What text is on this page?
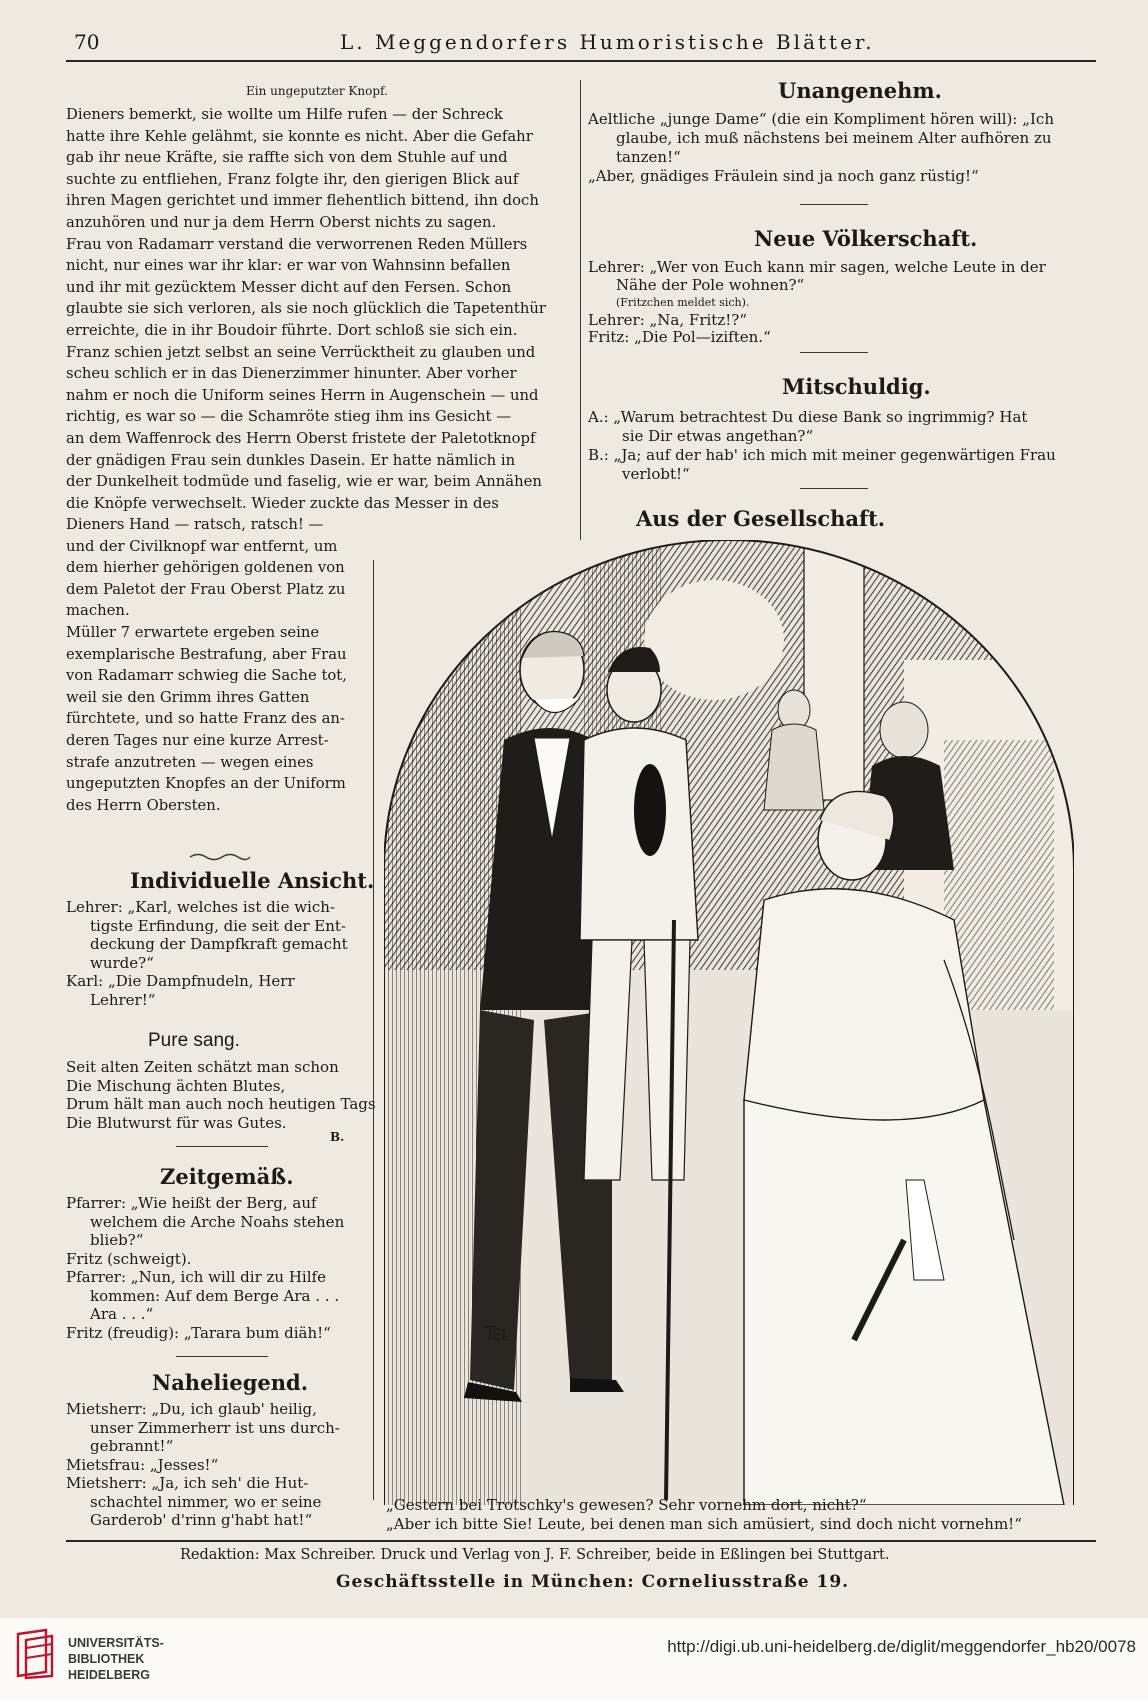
70	L. Meggendorfers Humoristische Blätter.
Ein ungeputzter Knopf.
Dieners bemerkt, sie wollte um Hilfe rufen — der Schreck
hatte ihre Kehle gelähmt, sie konnte es nicht. Aber die Gefahr
gab ihr neue Kräfte, sie raffte sich von dem Stuhle auf und
suchte zu entfliehen, Franz folgte ihr, den gierigen Blick auf
ihren Magen gerichtet und immer flehentlich bittend, ihn doch
anzuhören und nur ja dem Herrn Oberst nichts zu sagen.
Frau von Radamarr verstand die verworrenen Reden Müllers
nicht, nur eines war ihr klar: er war von Wahnsinn befallen
und ihr mit gezücktem Messer dicht auf den Fersen. Schon
glaubte sie sich verloren, als sie noch glücklich die Tapetenthür
erreichte, die in ihr Boudoir führte. Dort schloß sie sich ein.
Franz schien jetzt selbst an seine Verrücktheit zu glauben und
scheu schlich er in das Dienerzimmer hinunter. Aber vorher
nahm er noch die Uniform seines Herrn in Augenschein — und
richtig, es war so — die Schamröte stieg ihm ins Gesicht —
an dem Waffenrock des Herrn Oberst fristete der Paletotknopf
der gnädigen Frau sein dunkles Dasein. Er hatte nämlich in
der Dunkelheit todmüde und faselig, wie er war, beim Annähen
die Knöpfe verwechselt. Wieder zuckte das Messer in des
Dieners Hand — ratsch, ratsch! —
und der Civilknopf war entfernt, um
dem hierher gehörigen goldenen von
dem Paletot der Frau Oberst Platz zu
machen.
Müller 7 erwartete ergeben seine
exemplarische Bestrafung, aber Frau
von Radamarr schwieg die Sache tot,
weil sie den Grimm ihres Gatten
fürchtete, und so hatte Franz des an-
deren Tages nur eine kurze Arrest-
strafe anzutreten — wegen eines
ungeputzten Knopfes an der Uniform
des Herrn Obersten.
Individuelle Ansicht.
Lehrer: „Karl, welches ist die wich-
tigste Erfindung, die seit der Ent-
deckung der Dampfkraft gemacht
wurde?“
Karl: „Die Dampfnudeln, Herr
Lehrer!“
Pure sang.
Seit alten Zeiten schätzt man schon
Die Mischung ächten Blutes,
Drum hält man auch noch heutigen Tags
Die Blutwurst für was Gutes.
B.
Zeitgemäß.
Pfarrer: „Wie heißt der Berg, auf
welchem die Arche Noahs stehen
blieb?“
Fritz (schweigt).
Pfarrer: „Nun, ich will dir zu Hilfe
kommen: Auf dem Berge Ara . . .
Ara . . .“
Fritz (freudig): „Tarara bum diäh!“
Naheliegend.
Mietsherr: „Du, ich glaub' heilig,
unser Zimmerherr ist uns durch-
gebrannt!“
Mietsfrau: „Jesses!“
Mietsherr: „Ja, ich seh' die Hut-
schachtel nimmer, wo er seine
Garderob' d'rinn g'habt hat!“
Unangenehm.
Aeltliche „junge Dame“ (die ein Kompliment hören will): „Ich
glaube, ich muß nächstens bei meinem Alter aufhören zu
tanzen!“
„Aber, gnädiges Fräulein sind ja noch ganz rüstig!“
Neue Völkerschaft.
Lehrer: „Wer von Euch kann mir sagen, welche Leute in der
Nähe der Pole wohnen?“
(Fritzchen meldet sich).
Lehrer: „Na, Fritz!?“
Fritz: „Die Pol—iziften.“
Mitschuldig.
A.: „Warum betrachtest Du diese Bank so ingrimmig? Hat
sie Dir etwas angethan?“
B.: „Ja; auf der hab' ich mich mit meiner gegenwärtigen Frau
verlobt!“
Aus der Gesellschaft.
℡
„Gestern bei Trotschky's gewesen? Sehr vornehm dort, nicht?“
„Aber ich bitte Sie! Leute, bei denen man sich amüsiert, sind doch nicht vornehm!“
Redaktion: Max Schreiber. Druck und Verlag von J. F. Schreiber, beide in Eßlingen bei Stuttgart.
Geschäftsstelle in München: Corneliusstraße 19.
UNIVERSITÄTS-
BIBLIOTHEK
HEIDELBERG
http://digi.ub.uni-heidelberg.de/diglit/meggendorfer_hb20/0078
